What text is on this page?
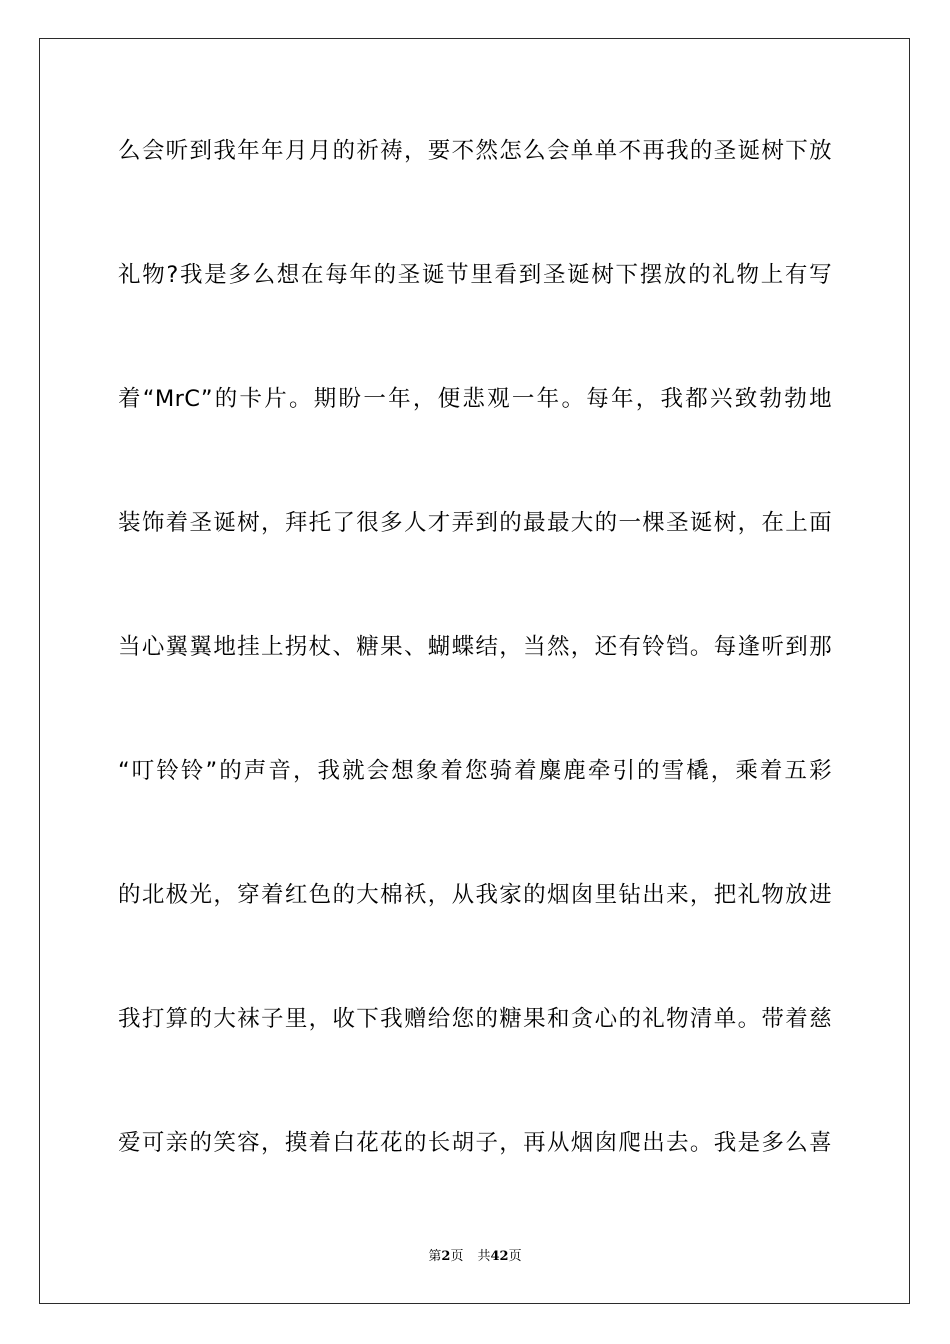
么会听到我年年月月的祈祷，要不然怎么会单单不再我的圣诞树下放
礼物?我是多么想在每年的圣诞节里看到圣诞树下摆放的礼物上有写
着“MrC”的卡片。期盼一年，便悲观一年。每年，我都兴致勃勃地
装饰着圣诞树，拜托了很多人才弄到的最最大的一棵圣诞树，在上面
当心翼翼地挂上拐杖、糖果、蝴蝶结，当然，还有铃铛。每逢听到那
“叮铃铃”的声音，我就会想象着您骑着麋鹿牵引的雪橇，乘着五彩
的北极光，穿着红色的大棉袄，从我家的烟囱里钻出来，把礼物放进
我打算的大袜子里，收下我赠给您的糖果和贪心的礼物清单。带着慈
爱可亲的笑容，摸着白花花的长胡子，再从烟囱爬出去。我是多么喜
第2页 共42页
